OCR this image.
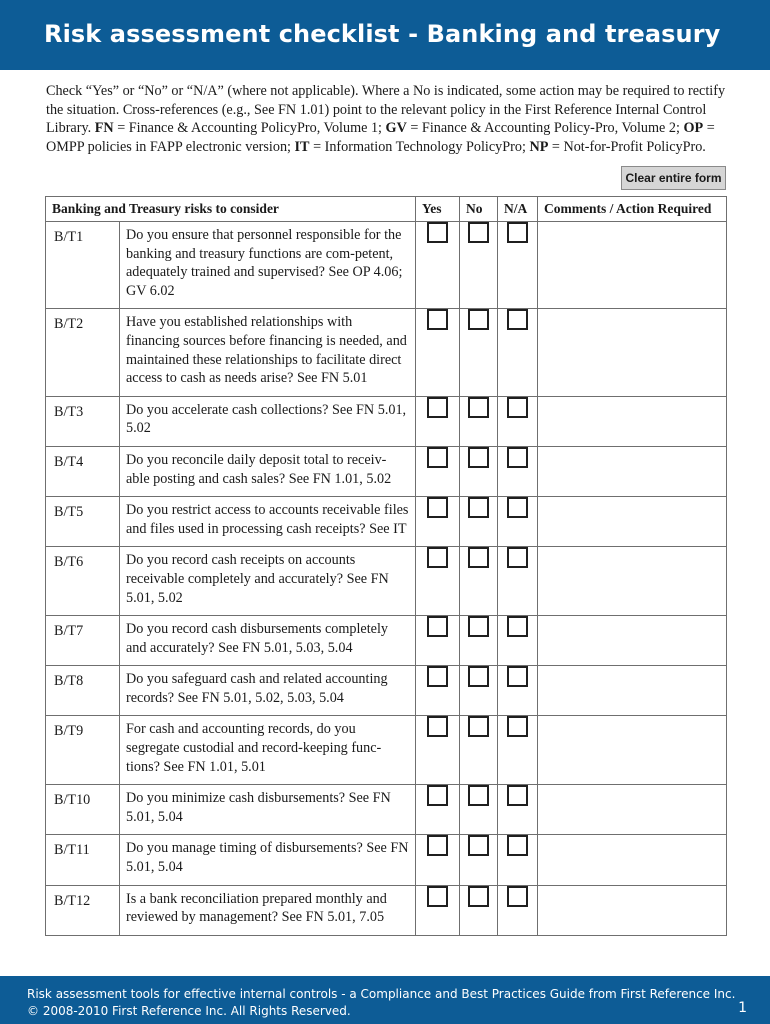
Risk assessment checklist - Banking and treasury
Check “Yes” or “No” or “N/A” (where not applicable). Where a No is indicated, some action may be required to rectify the situation. Cross-references (e.g., See FN 1.01) point to the relevant policy in the First Reference Internal Control Library. FN = Finance & Accounting PolicyPro, Volume 1; GV = Finance & Accounting Policy-Pro, Volume 2; OP = OMPP policies in FAPP electronic version; IT = Information Technology PolicyPro; NP = Not-for-Profit PolicyPro.
Clear entire form
Banking and Treasury risks to consider		Yes	No	N/A	Comments / Action Required
B/T1	Do you ensure that personnel responsible for the banking and treasury functions are com-petent, adequately trained and supervised? See OP 4.06; GV 6.02				
B/T2	Have you established relationships with financing sources before financing is needed, and maintained these relationships to facilitate direct access to cash as needs arise? See FN 5.01				
B/T3	Do you accelerate cash collections? See FN 5.01, 5.02				
B/T4	Do you reconcile daily deposit total to receiv-able posting and cash sales? See FN 1.01, 5.02				
B/T5	Do you restrict access to accounts receivable files and files used in processing cash receipts? See IT				
B/T6	Do you record cash receipts on accounts receivable completely and accurately? See FN 5.01, 5.02				
B/T7	Do you record cash disbursements completely and accurately? See FN 5.01, 5.03, 5.04				
B/T8	Do you safeguard cash and related accounting records? See FN 5.01, 5.02, 5.03, 5.04				
B/T9	For cash and accounting records, do you segregate custodial and record-keeping func-tions? See FN 1.01, 5.01				
B/T10	Do you minimize cash disbursements? See FN 5.01, 5.04				
B/T11	Do you manage timing of disbursements? See FN 5.01, 5.04				
B/T12	Is a bank reconciliation prepared monthly and reviewed by management? See FN 5.01, 7.05				
Risk assessment tools for effective internal controls - a Compliance and Best Practices Guide from First Reference Inc.
© 2008-2010 First Reference Inc. All Rights Reserved.	1
